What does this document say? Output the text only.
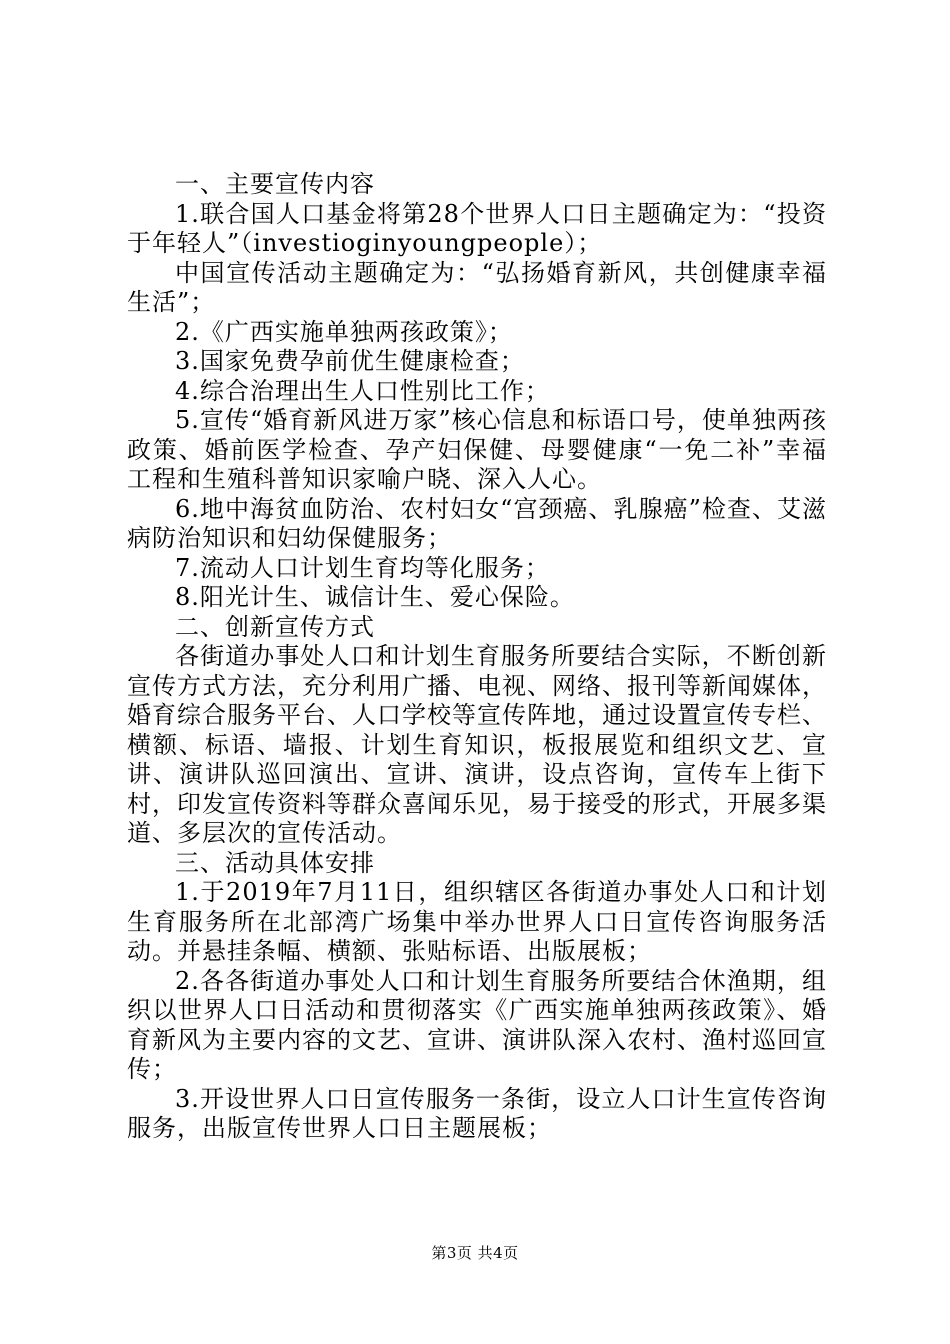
一、主要宣传内容

1.联合国人口基金将第28个世界人口日主题确定为：“投资于年轻人”（investioginyoungpeople）；

中国宣传活动主题确定为：“弘扬婚育新风，共创健康幸福生活”；

2.《广西实施单独两孩政策》；

3.国家免费孕前优生健康检查；

4.综合治理出生人口性别比工作；

5.宣传“婚育新风进万家”核心信息和标语口号，使单独两孩政策、婚前医学检查、孕产妇保健、母婴健康“一免二补”幸福工程和生殖科普知识家喻户晓、深入人心。

6.地中海贫血防治、农村妇女“宫颈癌、乳腺癌”检查、艾滋病防治知识和妇幼保健服务；

7.流动人口计划生育均等化服务；

8.阳光计生、诚信计生、爱心保险。

二、创新宣传方式

各街道办事处人口和计划生育服务所要结合实际，不断创新宣传方式方法，充分利用广播、电视、网络、报刊等新闻媒体，婚育综合服务平台、人口学校等宣传阵地，通过设置宣传专栏、横额、标语、墙报、计划生育知识，板报展览和组织文艺、宣讲、演讲队巡回演出、宣讲、演讲，设点咨询，宣传车上街下村，印发宣传资料等群众喜闻乐见，易于接受的形式，开展多渠道、多层次的宣传活动。

三、活动具体安排

1.于2019年7月11日，组织辖区各街道办事处人口和计划生育服务所在北部湾广场集中举办世界人口日宣传咨询服务活动。并悬挂条幅、横额、张贴标语、出版展板；

2.各各街道办事处人口和计划生育服务所要结合休渔期，组织以世界人口日活动和贯彻落实《广西实施单独两孩政策》、婚育新风为主要内容的文艺、宣讲、演讲队深入农村、渔村巡回宣传；

3.开设世界人口日宣传服务一条街，设立人口计生宣传咨询服务，出版宣传世界人口日主题展板；

第3页 共4页
